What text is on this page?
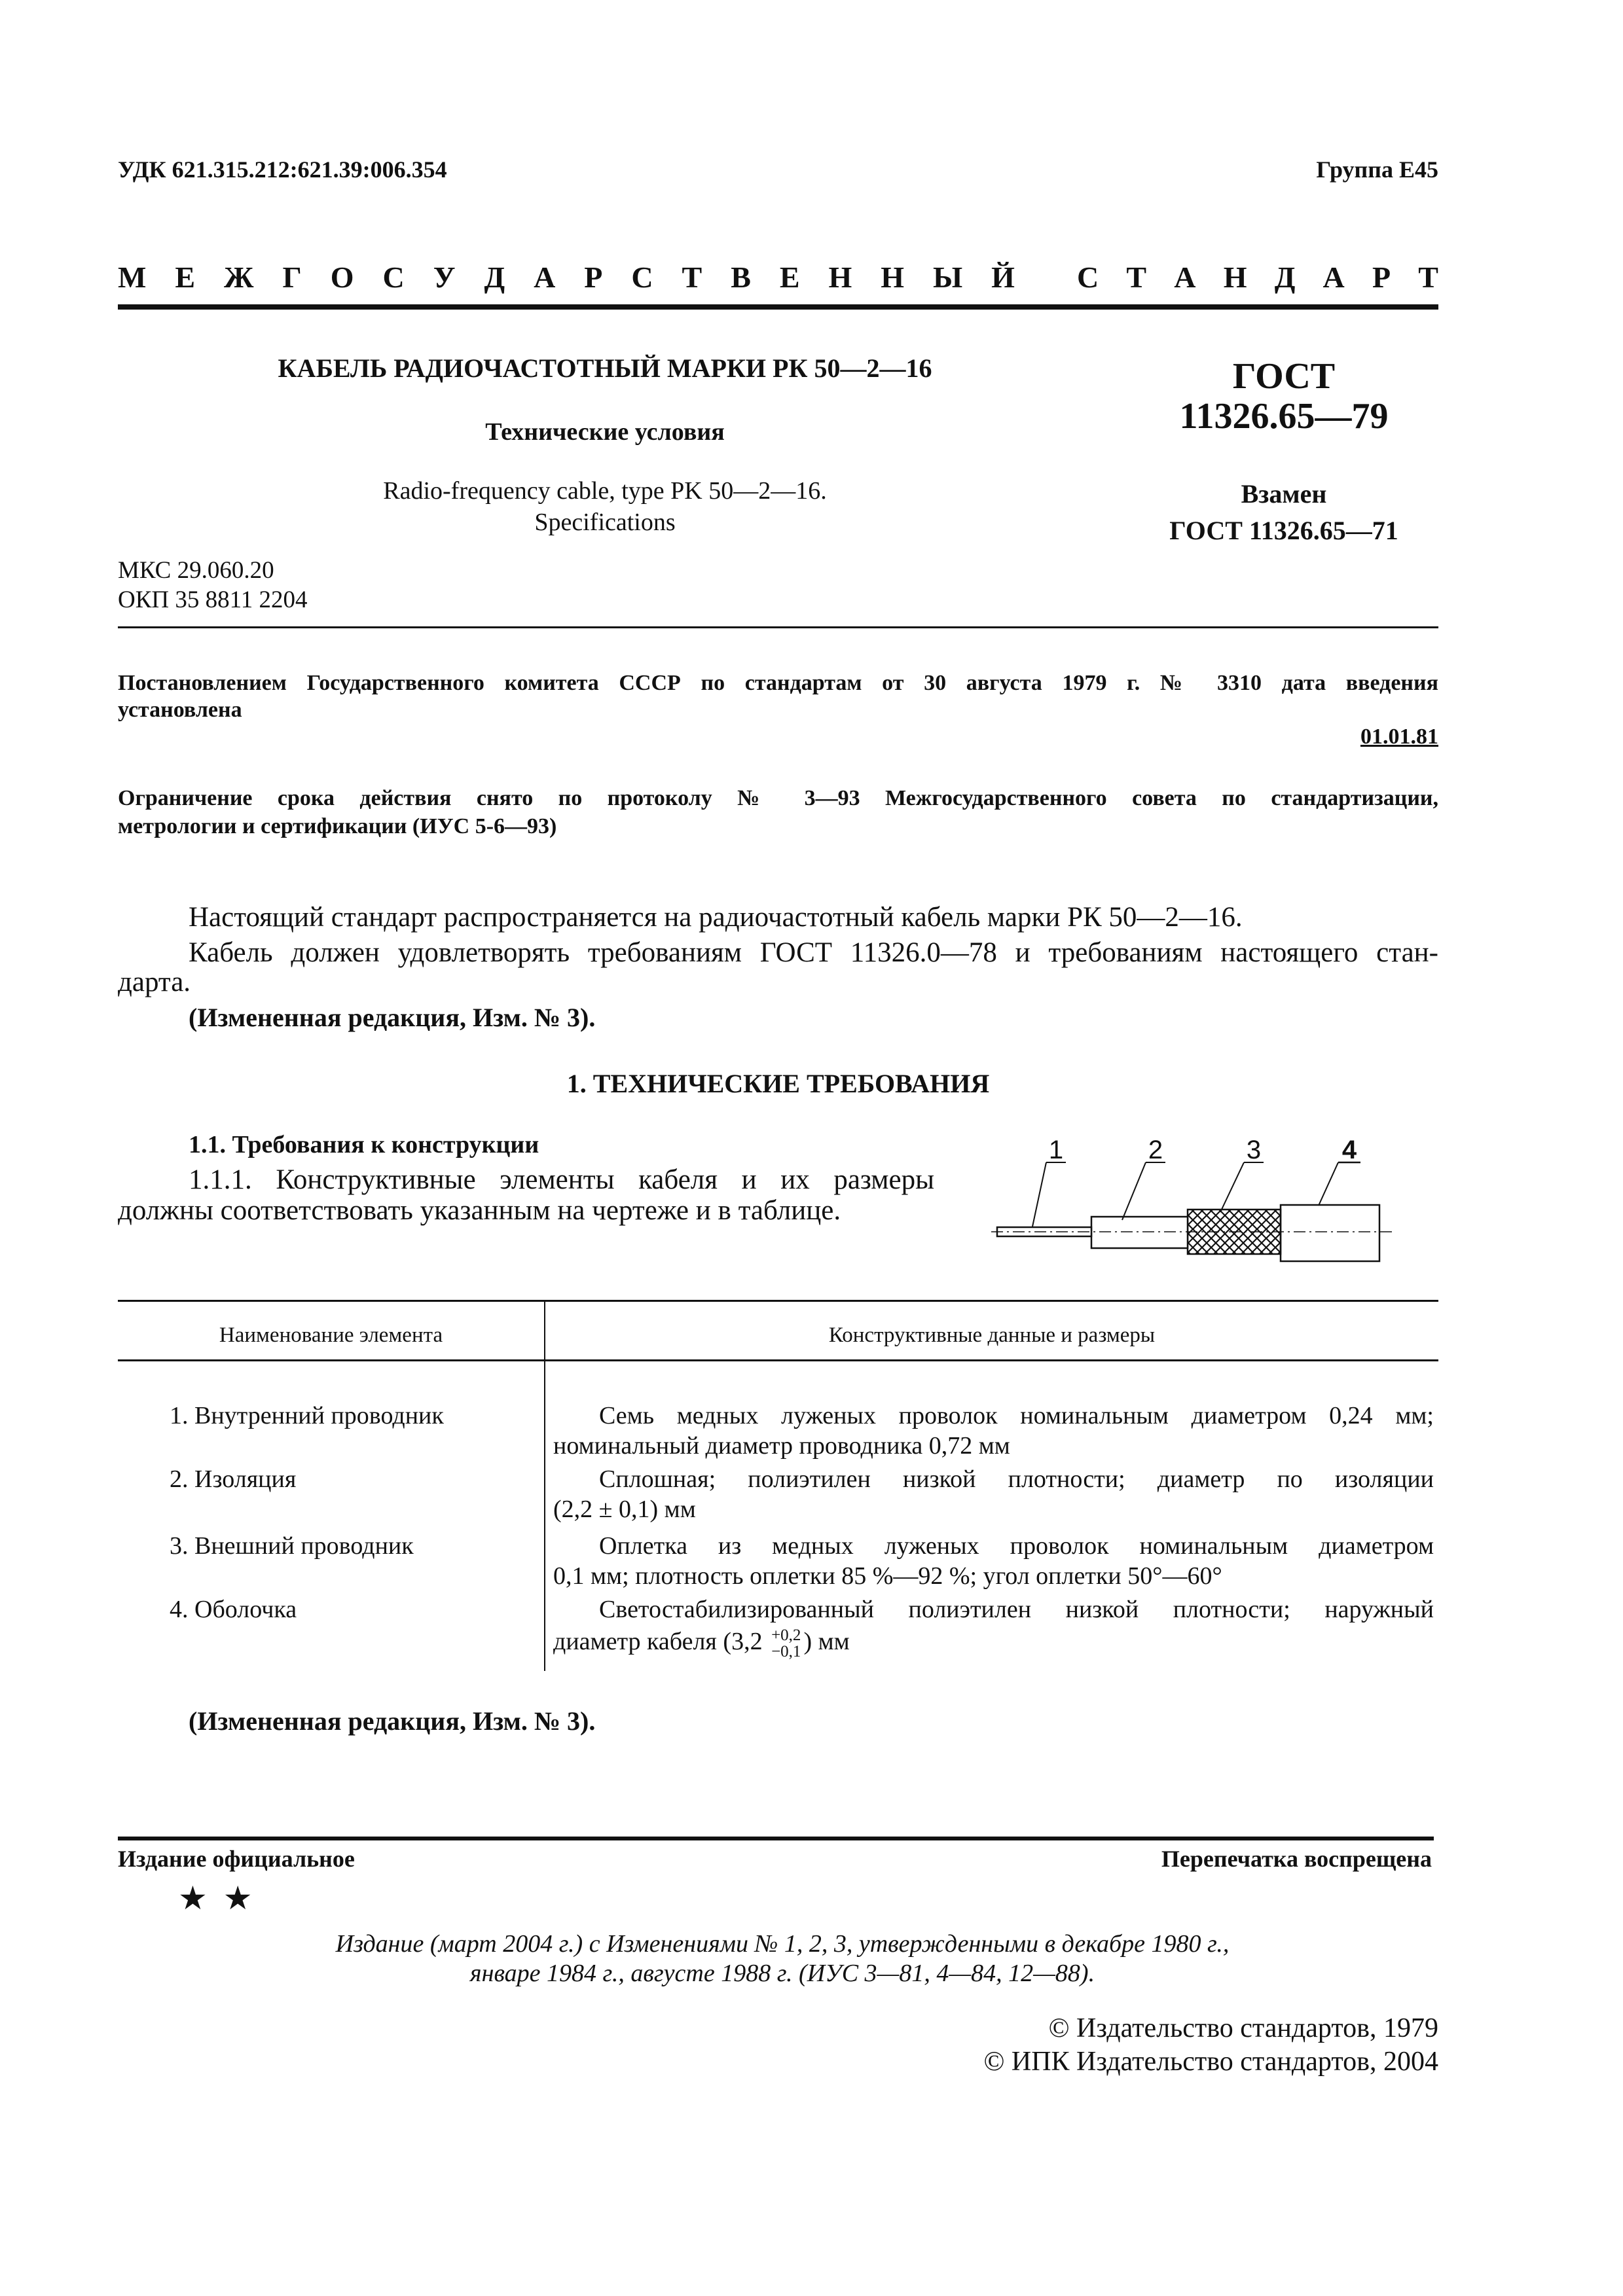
УДК 621.315.212:621.39:006.354	Группа Е45
М Е Ж Г О С У Д А Р С Т В Е Н Н Ы Й С Т А Н Д А Р Т
КАБЕЛЬ РАДИОЧАСТОТНЫЙ МАРКИ РК 50—2—16
Технические условия
Radio-frequency cable, type PK 50—2—16.
Specifications
ГОСТ
11326.65—79
Взамен
ГОСТ 11326.65—71
МКС 29.060.20
ОКП 35 8811 2204
Постановлением Государственного комитета СССР по стандартам от 30 августа 1979 г. № 3310 дата введения
установлена
01.01.81
Ограничение срока действия снято по протоколу № 3—93 Межгосударственного совета по стандартизации,
метрологии и сертификации (ИУС 5-6—93)
Настоящий стандарт распространяется на радиочастотный кабель марки РК 50—2—16.
Кабель должен удовлетворять требованиям ГОСТ 11326.0—78 и требованиям настоящего стан-
дарта.
(Измененная редакция, Изм. № 3).
1. ТЕХНИЧЕСКИЕ ТРЕБОВАНИЯ
1.1. Требования к конструкции
1.1.1. Конструктивные элементы кабеля и их размеры
должны соответствовать указанным на чертеже и в таблице.
1	2	3	4
Наименование элемента	Конструктивные данные и размеры
1. Внутренний проводник	Семь медных луженых проволок номинальным диаметром 0,24 мм;
номинальный диаметр проводника 0,72 мм
2. Изоляция	Сплошная; полиэтилен низкой плотности; диаметр по изоляции
(2,2 ± 0,1) мм
3. Внешний проводник	Оплетка из медных луженых проволок номинальным диаметром
0,1 мм; плотность оплетки 85 %—92 %; угол оплетки 50°—60°
4. Оболочка	Светостабилизированный полиэтилен низкой плотности; наружный
диаметр кабеля (3,2 +0,2
−0,1 ) мм
(Измененная редакция, Изм. № 3).
Издание официальное	Перепечатка воспрещена
★ ★
Издание (март 2004 г.) с Изменениями № 1, 2, 3, утвержденными в декабре 1980 г.,
январе 1984 г., августе 1988 г. (ИУС 3—81, 4—84, 12—88).
© Издательство стандартов, 1979
© ИПК Издательство стандартов, 2004
